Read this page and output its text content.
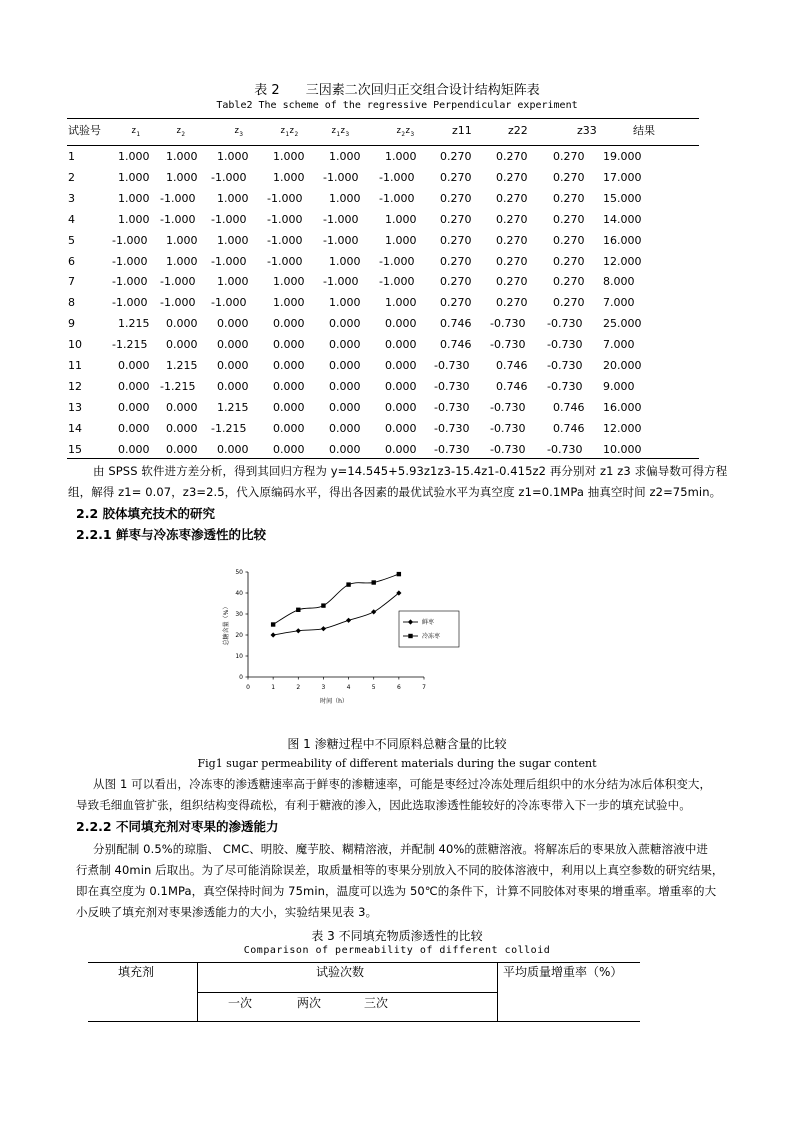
表 2 三因素二次回归正交组合设计结构矩阵表
Table2 The scheme of the regressive Perpendicular experiment
试验号	$z_1$	$z_2$	$z_3$	$z_1z_2$	$z_1z_3$	$z_2z_3$	z11	z22	z33	结果
1	1.000 1.000 1.000 1.000 1.000 1.000 0.270 0.270 0.270 19.000
2	1.000 1.000 -1.000 1.000 -1.000 -1.000 0.270 0.270 0.270 17.000
3	1.000 -1.000 1.000 -1.000 1.000 -1.000 0.270 0.270 0.270 15.000
4	1.000 -1.000 -1.000 -1.000 -1.000 1.000 0.270 0.270 0.270 14.000
5	-1.000 1.000 1.000 -1.000 -1.000 1.000 0.270 0.270 0.270 16.000
6	-1.000 1.000 -1.000 -1.000 1.000 -1.000 0.270 0.270 0.270 12.000
7	-1.000 -1.000 1.000 1.000 -1.000 -1.000 0.270 0.270 0.270 8.000
8	-1.000 -1.000 -1.000 1.000 1.000 1.000 0.270 0.270 0.270 7.000
9	1.215 0.000 0.000 0.000 0.000 0.000 0.746 -0.730 -0.730 25.000
10	-1.215 0.000 0.000 0.000 0.000 0.000 0.746 -0.730 -0.730 7.000
11	0.000 1.215 0.000 0.000 0.000 0.000 -0.730 0.746 -0.730 20.000
12	0.000 -1.215 0.000 0.000 0.000 0.000 -0.730 0.746 -0.730 9.000
13	0.000 0.000 1.215 0.000 0.000 0.000 -0.730 -0.730	0.746 16.000
14	0.000 0.000 -1.215 0.000 0.000 0.000 -0.730 -0.730	0.746 12.000
15	0.000 0.000 0.000 0.000 0.000 0.000 -0.730 -0.730 -0.730 10.000
由 SPSS 软件进方差分析，得到其回归方程为 y=14.545+5.93z1z3-15.4z1-0.415z2 再分别对 z1 z3 求偏导数可得方程
组，解得 z1= 0.07，z3=2.5，代入原编码水平，得出各因素的最优试验水平为真空度 z1=0.1MPa 抽真空时间 z2=75min。
2.2 胶体填充技术的研究
2.2.1 鲜枣与冷冻枣渗透性的比较
0	1	2	3	4	5	6	7
0
10
20
30
40
50
时间（h）
总糖含量（%）	鲜枣
冷冻枣
图 1 渗糖过程中不同原料总糖含量的比较
Fig1 sugar permeability of different materials during the sugar content
从图 1 可以看出，冷冻枣的渗透糖速率高于鲜枣的渗糖速率，可能是枣经过冷冻处理后组织中的水分结为冰后体积变大，
导致毛细血管扩张，组织结构变得疏松，有利于糖液的渗入，因此选取渗透性能较好的冷冻枣带入下一步的填充试验中。
2.2.2 不同填充剂对枣果的渗透能力
分别配制 0.5%的琼脂、 CMC、明胶、魔芋胶、糊精溶液，并配制 40%的蔗糖溶液。将解冻后的枣果放入蔗糖溶液中进
行煮制 40min 后取出。为了尽可能消除误差，取质量相等的枣果分别放入不同的胶体溶液中，利用以上真空参数的研究结果，
即在真空度为 0.1MPa，真空保持时间为 75min，温度可以选为 50℃的条件下，计算不同胶体对枣果的增重率。增重率的大
小反映了填充剂对枣果渗透能力的大小，实验结果见表 3。
表 3 不同填充物质渗透性的比较
Comparison of permeability of different colloid
填充剂	试验次数	平均质量增重率（%）
一次	两次	三次
